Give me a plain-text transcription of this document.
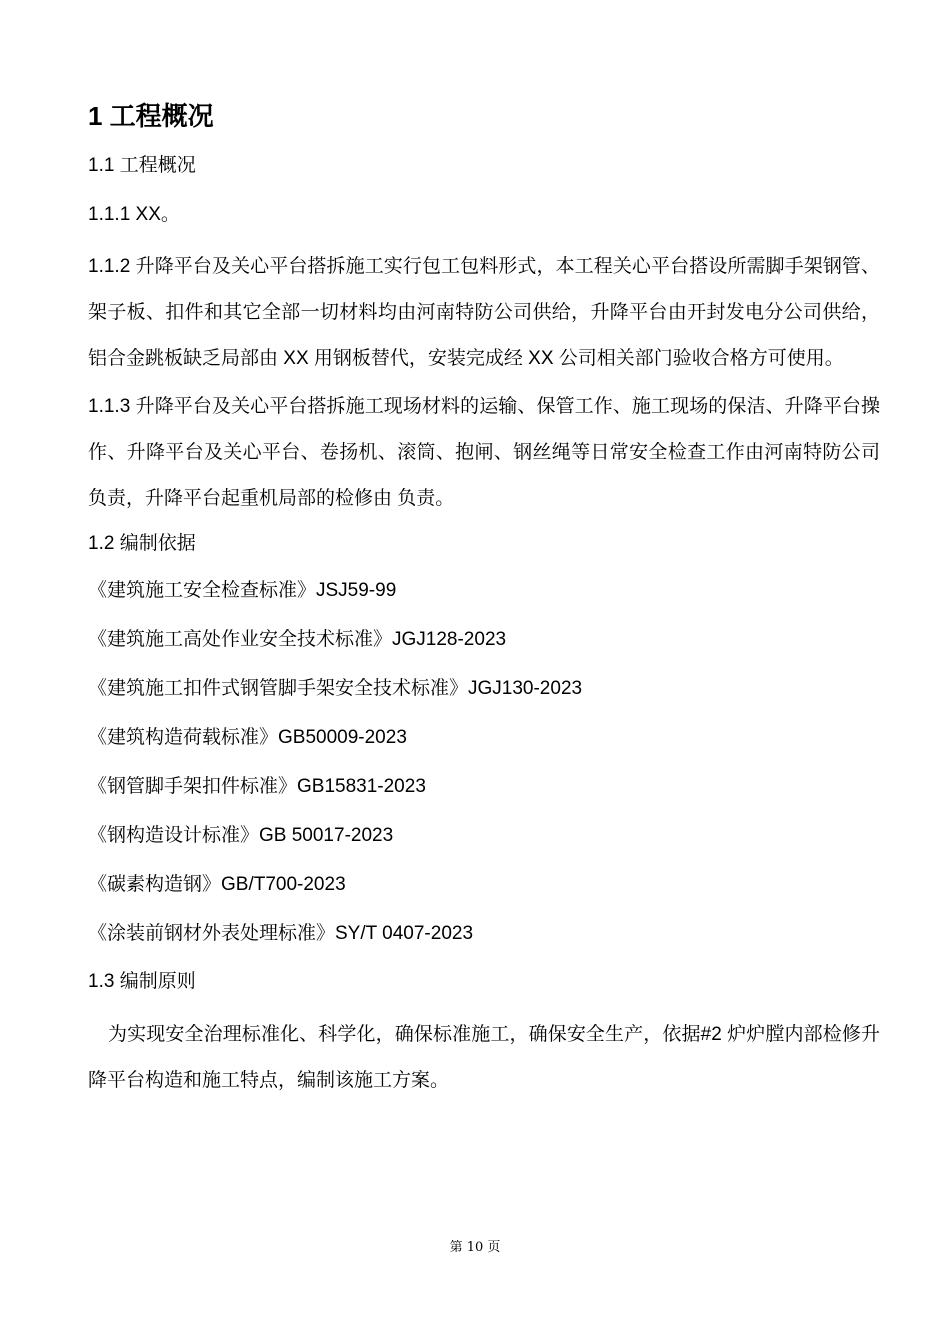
1 工程概况
1.1 工程概况
1.1.1 XX。
1.1.2 升降平台及关心平台搭拆施工实行包工包料形式，本工程关心平台搭设所需脚手架钢管、架子板、扣件和其它全部一切材料均由河南特防公司供给，升降平台由开封发电分公司供给，铝合金跳板缺乏局部由 XX 用钢板替代，安装完成经 XX 公司相关部门验收合格方可使用。
1.1.3 升降平台及关心平台搭拆施工现场材料的运输、保管工作、施工现场的保洁、升降平台操作、升降平台及关心平台、卷扬机、滚筒、抱闸、钢丝绳等日常安全检查工作由河南特防公司负责，升降平台起重机局部的检修由 负责。
1.2 编制依据
《建筑施工安全检查标准》JSJ59-99
《建筑施工高处作业安全技术标准》JGJ128-2023
《建筑施工扣件式钢管脚手架安全技术标准》JGJ130-2023
《建筑构造荷载标准》GB50009-2023
《钢管脚手架扣件标准》GB15831-2023
《钢构造设计标准》GB 50017-2023
《碳素构造钢》GB/T700-2023
《涂装前钢材外表处理标准》SY/T 0407-2023
1.3 编制原则
为实现安全治理标准化、科学化，确保标准施工，确保安全生产，依据#2 炉炉膛内部检修升降平台构造和施工特点，编制该施工方案。
第 10 页
